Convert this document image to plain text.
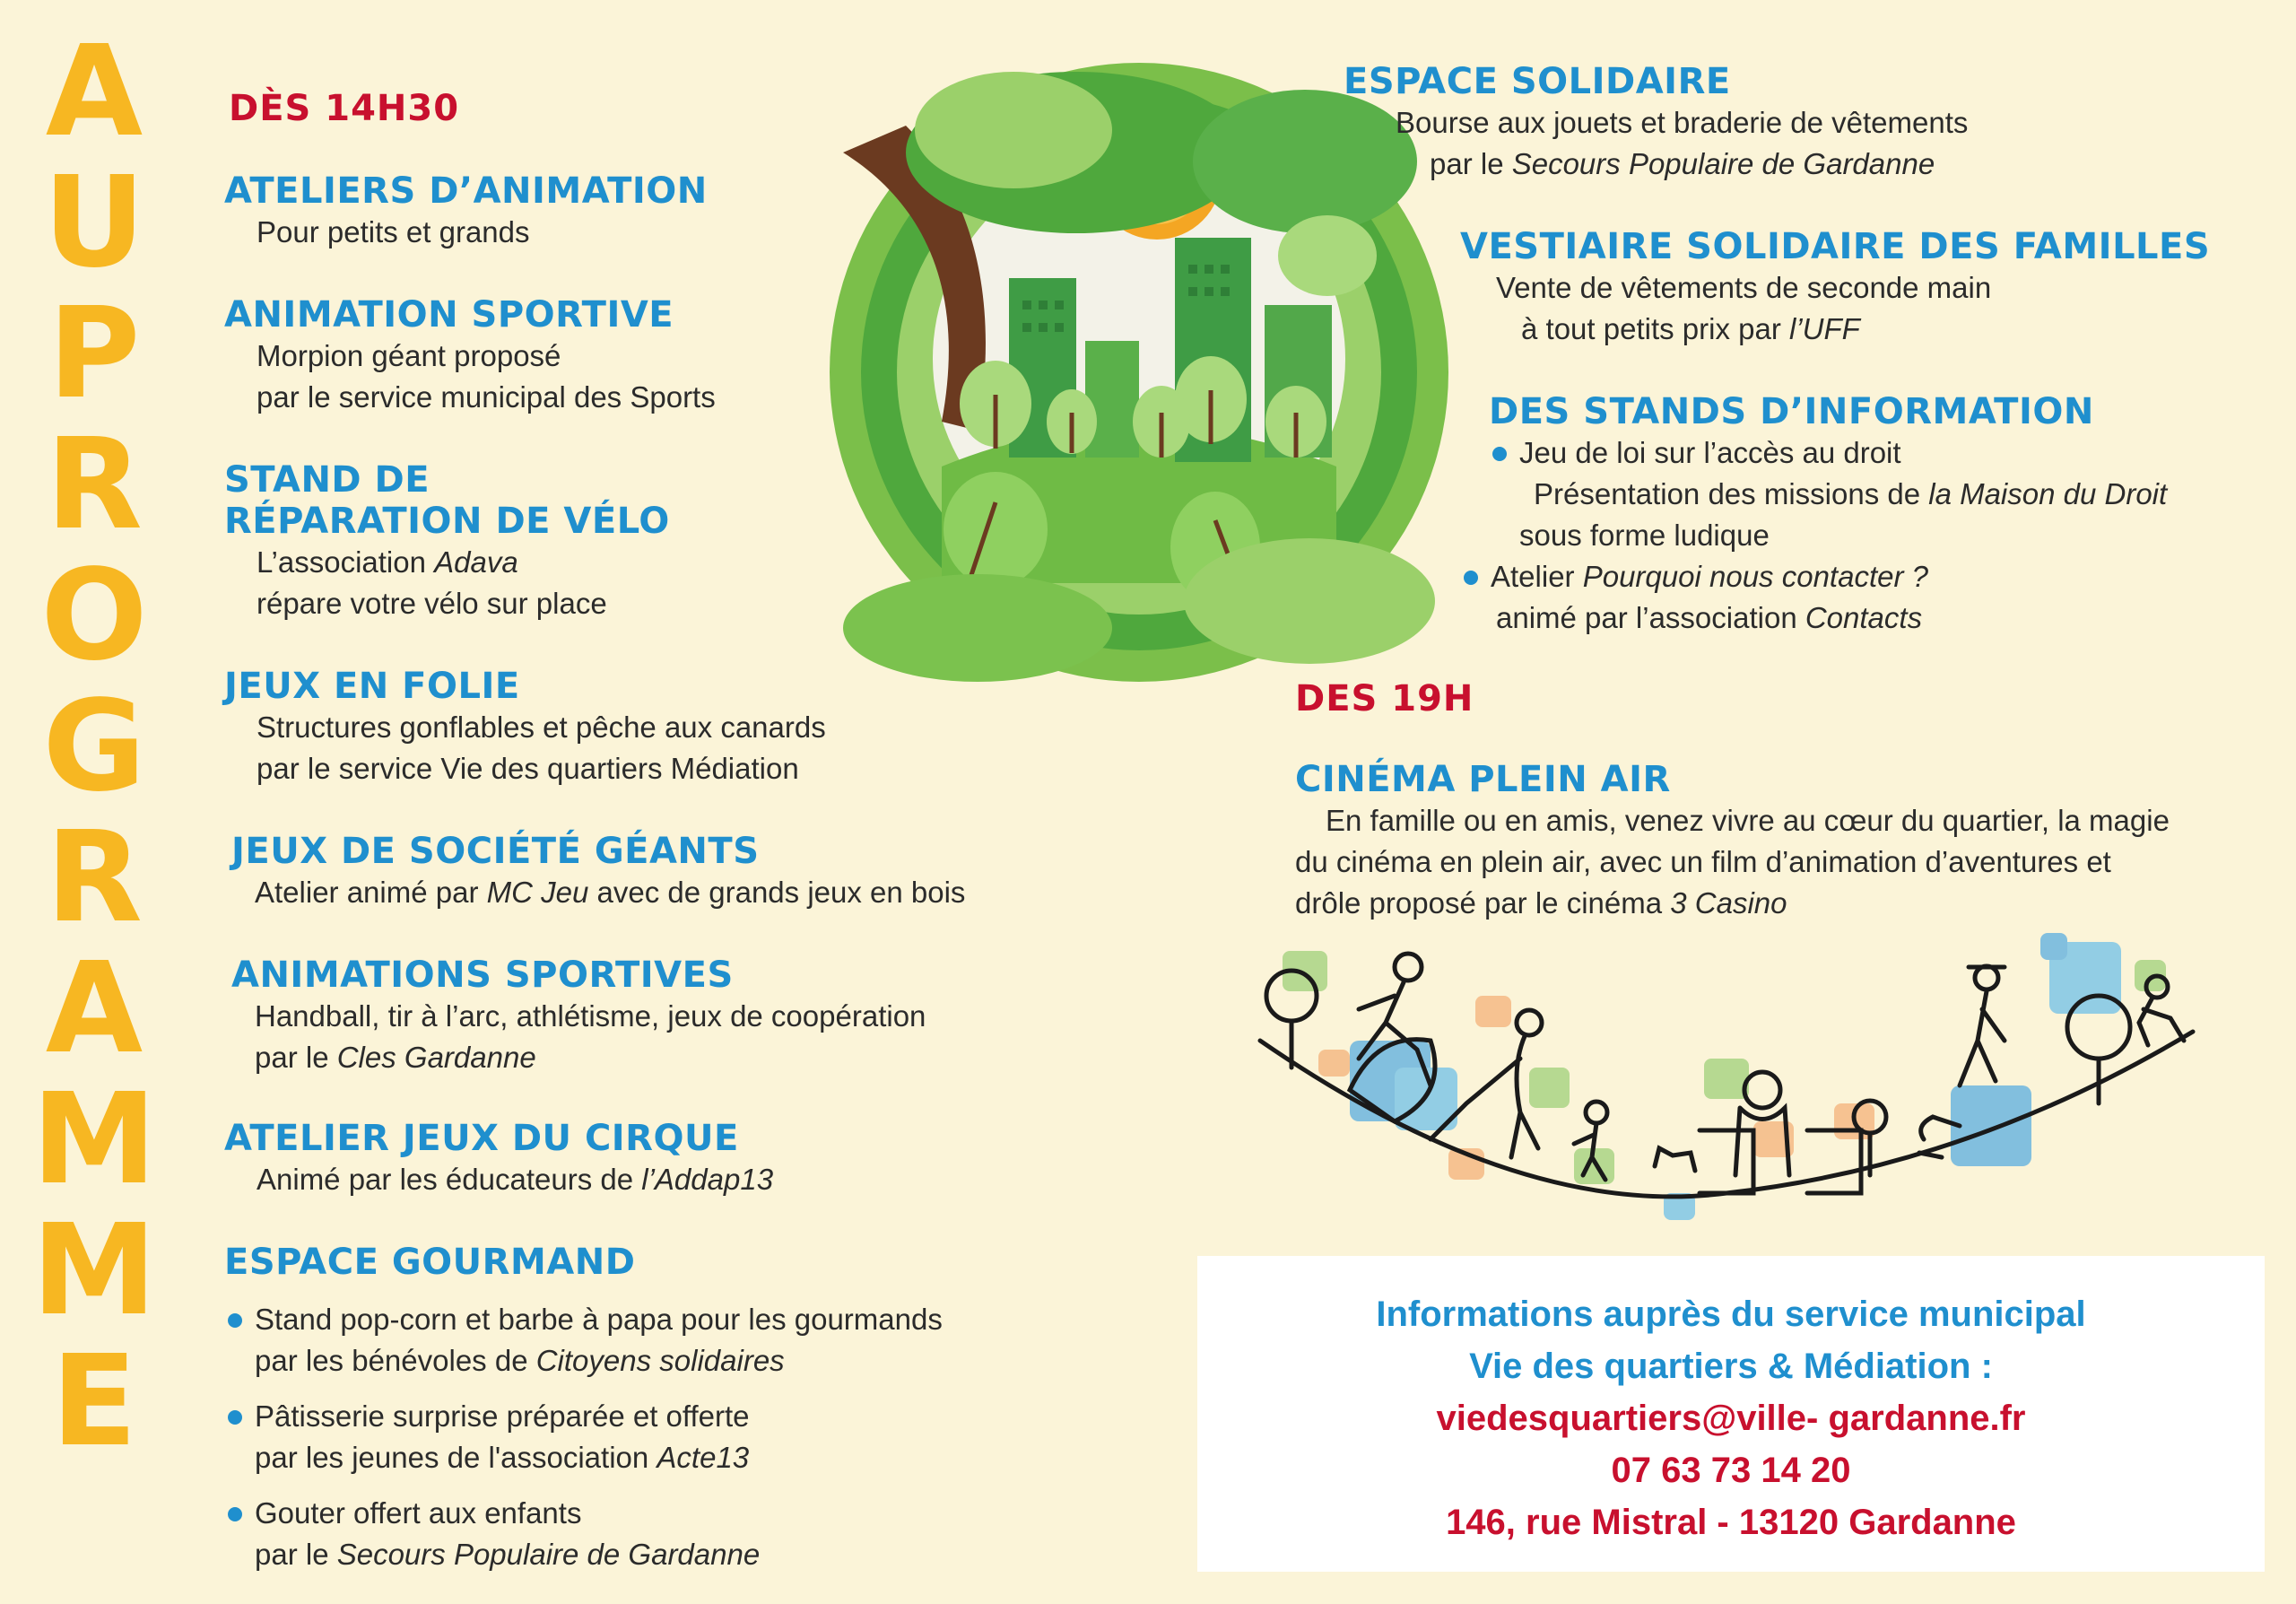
A
U
P
R
O
G
R
A
M
M
E
DÈS 14H30
ATELIERS D’ANIMATION

Pour petits et grands

ANIMATION SPORTIVE

Morpion géant proposé

par le service municipal des Sports

STAND DE
RÉPARATION DE VÉLO

L’association Adava

répare votre vélo sur place

JEUX EN FOLIE

Structures gonflables et pêche aux canards

par le service Vie des quartiers Médiation

JEUX DE SOCIÉTÉ GÉANTS

Atelier animé par MC Jeu avec de grands jeux en bois

ANIMATIONS SPORTIVES

Handball, tir à l’arc, athlétisme, jeux de coopération

par le Cles Gardanne

ATELIER JEUX DU CIRQUE

Animé par les éducateurs de l’Addap13

ESPACE GOURMAND

Stand pop-corn et barbe à papa pour les gourmands

par les bénévoles de Citoyens solidaires

Pâtisserie surprise préparée et offerte

par les jeunes de l'association Acte13

Gouter offert aux enfants

par le Secours Populaire de Gardanne

ESPACE SOLIDAIRE

Bourse aux jouets et braderie de vêtements

par le Secours Populaire de Gardanne

VESTIAIRE SOLIDAIRE DES FAMILLES

Vente de vêtements de seconde main

à tout petits prix par l’UFF

DES STANDS D’INFORMATION

Jeu de loi sur l’accès au droit

Présentation des missions de la Maison du Droit

sous forme ludique

Atelier Pourquoi nous contacter ?

animé par l’association Contacts

DES 19H
CINÉMA PLEIN AIR

En famille ou en amis, venez vivre au cœur du quartier, la magie

du cinéma en plein air, avec un film d’animation d’aventures et

drôle proposé par le cinéma 3 Casino

Informations auprès du service municipal

Vie des quartiers & Médiation :

viedesquartiers@ville- gardanne.fr

07 63 73 14 20

146, rue Mistral - 13120 Gardanne
